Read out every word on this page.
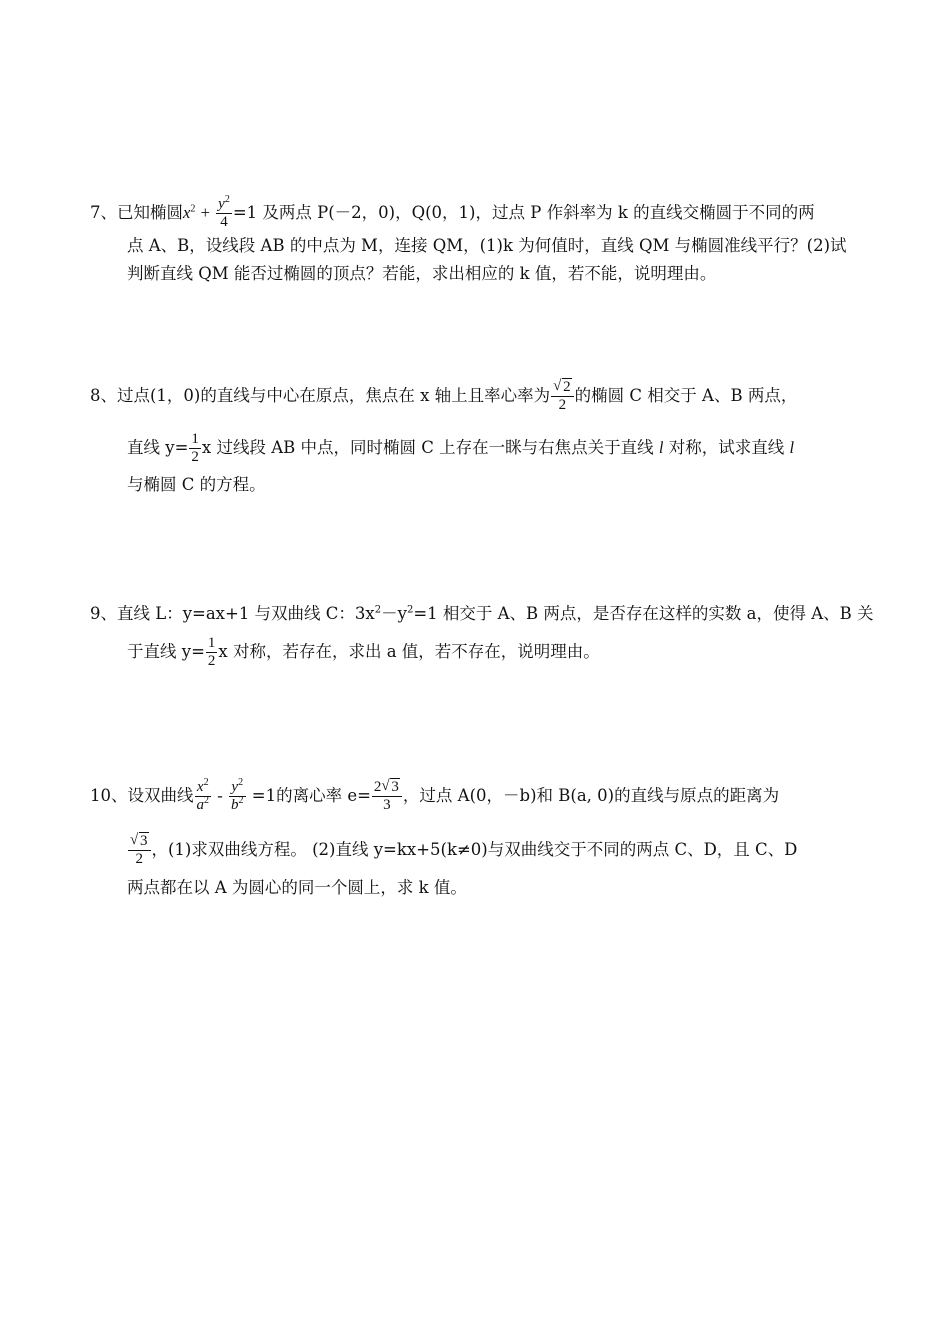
7、已知椭圆$x^2 + \frac{y^2}{4} =1$ 及两点 P(－2，0)，Q(0，1)，过点 P 作斜率为 k 的直线交椭圆于不同的两
点 A、B，设线段 AB 的中点为 M，连接 QM，(1)k 为何值时，直线 QM 与椭圆准线平行？(2)试
判断直线 QM 能否过椭圆的顶点？若能，求出相应的 k 值，若不能，说明理由。
8、过点(1，0)的直线与中心在原点，焦点在 x 轴上且率心率为 $\frac{√ 2}{2}$ 的椭圆 C 相交于 A、B 两点，
直线 $y= \frac{1}{2}$ x 过线段 AB 中点，同时椭圆 C 上存在一眯与右焦点关于直线 l 对称，试求直线 l
与椭圆 C 的方程。
9、直线 L：y=ax+1 与双曲线 C：$3x^2-y^2=1$ 相交于 A、B 两点，是否存在这样的实数 a，使得 A、B 关
于直线 $y= \frac{1}{2}$ x 对称，若存在，求出 a 值，若不存在，说明理由。
10、设双曲线 $\frac{x^2}{a^2} - \frac{y^2}{b^2} =1$的离心率 $e= \frac{2 √ 3}{3}$ ，过点 A(0，－b)和 B(a, 0)的直线与原点的距离为
$\frac{√ 3}{2}$ ，(1)求双曲线方程。 (2)直线 y=kx+5(k≠0)与双曲线交于不同的两点 C、D，且 C、D
两点都在以 A 为圆心的同一个圆上，求 k 值。
